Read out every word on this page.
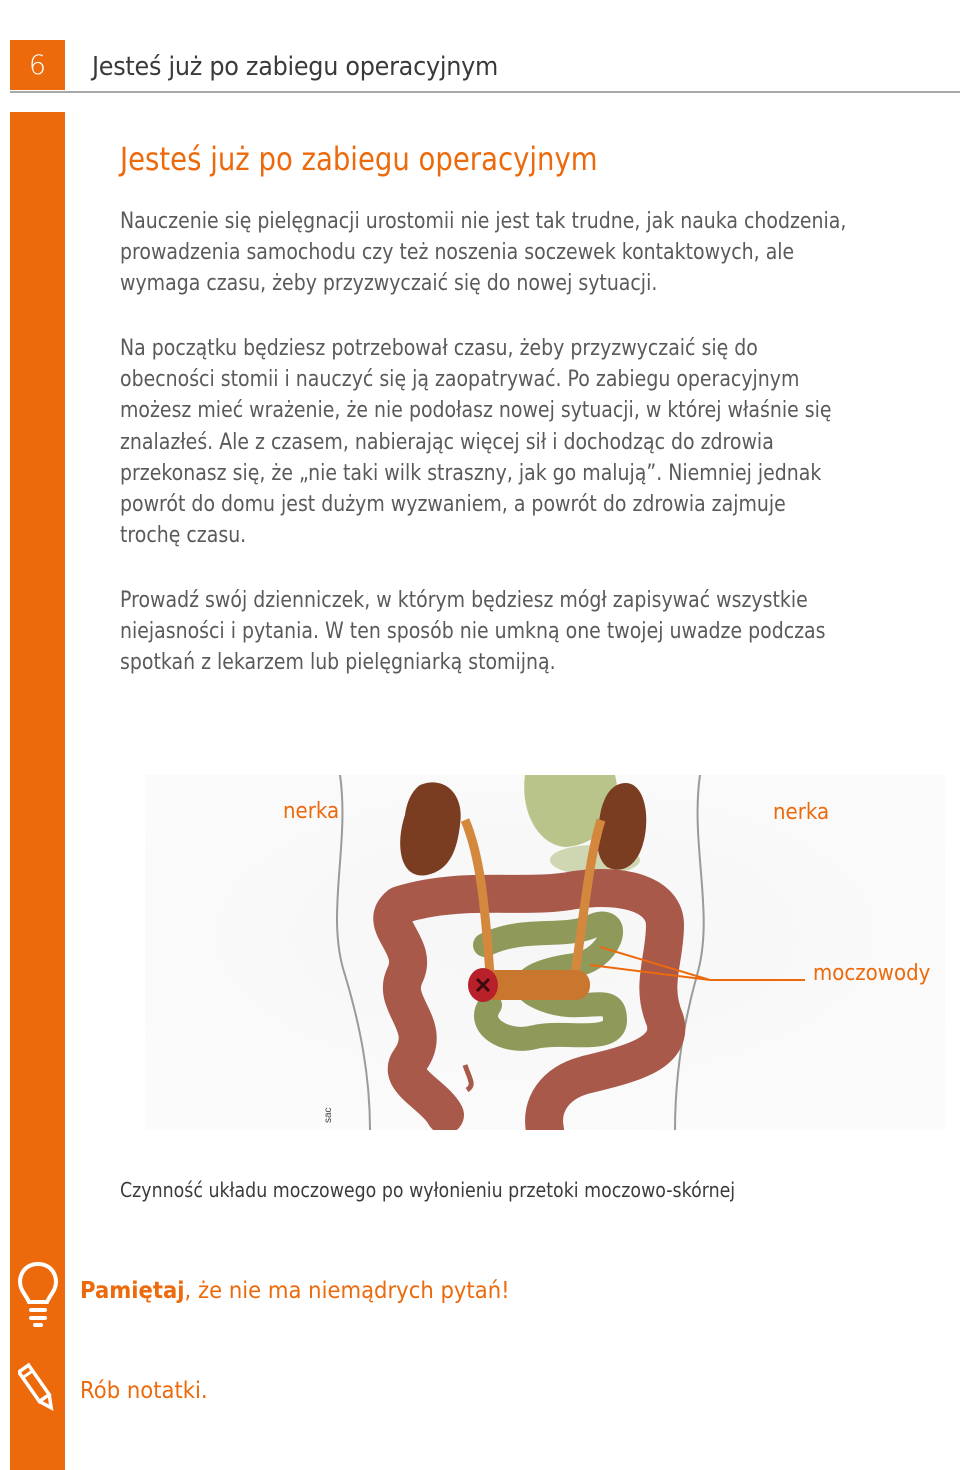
6	Jesteś już po zabiegu operacyjnym
Jesteś już po zabiegu operacyjnym

Nauczenie się pielęgnacji urostomii nie jest tak trudne, jak nauka chodzenia,
prowadzenia samochodu czy też noszenia soczewek kontaktowych, ale
wymaga czasu, żeby przyzwyczaić się do nowej sytuacji.

Na początku będziesz potrzebował czasu, żeby przyzwyczaić się do
obecności stomii i nauczyć się ją zaopatrywać. Po zabiegu operacyjnym
możesz mieć wrażenie, że nie podołasz nowej sytuacji, w której właśnie się
znalazłeś. Ale z czasem, nabierając więcej sił i dochodząc do zdrowia
przekonasz się, że „nie taki wilk straszny, jak go malują”. Niemniej jednak
powrót do domu jest dużym wyzwaniem, a powrót do zdrowia zajmuje
trochę czasu.

Prowadź swój dzienniczek, w którym będziesz mógł zapisywać wszystkie
niejasności i pytania. W ten sposób nie umkną one twojej uwadze podczas
spotkań z lekarzem lub pielęgniarką stomijną.

sac
nerka	nerka
moczowody
Czynność układu moczowego po wyłonieniu przetoki moczowo-skórnej
Pamiętaj, że nie ma niemądrych pytań!
Rób notatki.
